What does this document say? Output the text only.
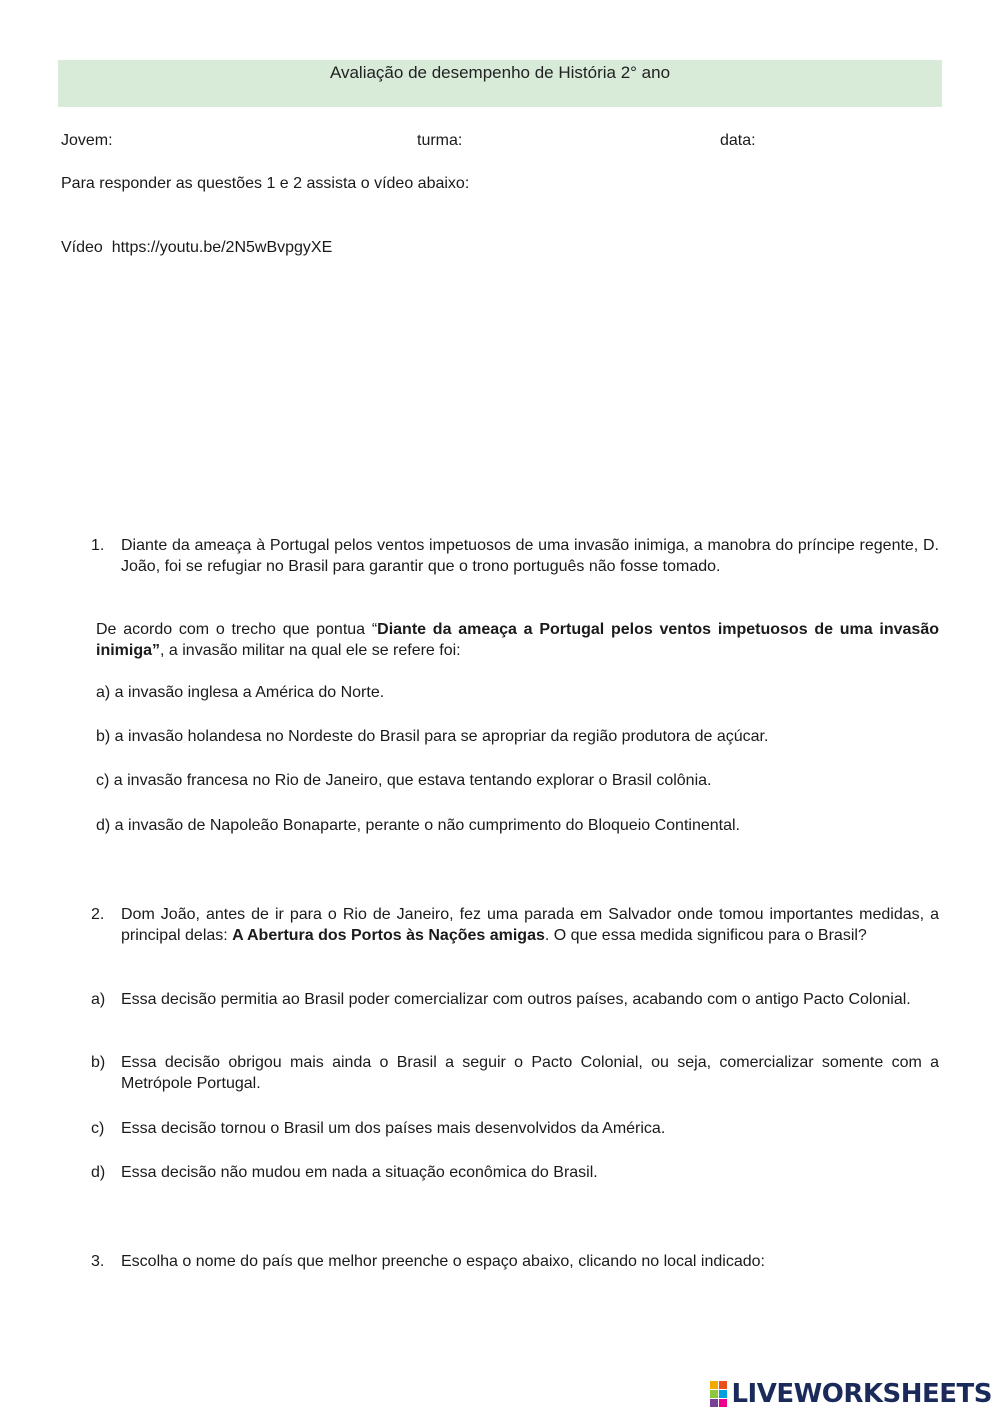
Avaliação de desempenho de História 2° ano
Jovem:	turma:	data:
Para responder as questões 1 e 2 assista o vídeo abaixo:
Vídeo https://youtu.be/2N5wBvpgyXE
1. Diante da ameaça à Portugal pelos ventos impetuosos de uma invasão inimiga, a manobra do príncipe regente, D. João, foi se refugiar no Brasil para garantir que o trono português não fosse tomado.
De acordo com o trecho que pontua “Diante da ameaça a Portugal pelos ventos impetuosos de uma invasão inimiga”, a invasão militar na qual ele se refere foi:
a) a invasão inglesa a América do Norte.
b) a invasão holandesa no Nordeste do Brasil para se apropriar da região produtora de açúcar.
c) a invasão francesa no Rio de Janeiro, que estava tentando explorar o Brasil colônia.
d) a invasão de Napoleão Bonaparte, perante o não cumprimento do Bloqueio Continental.
2. Dom João, antes de ir para o Rio de Janeiro, fez uma parada em Salvador onde tomou importantes medidas, a principal delas: A Abertura dos Portos às Nações amigas. O que essa medida significou para o Brasil?
a) Essa decisão permitia ao Brasil poder comercializar com outros países, acabando com o antigo Pacto Colonial.
b) Essa decisão obrigou mais ainda o Brasil a seguir o Pacto Colonial, ou seja, comercializar somente com a Metrópole Portugal.
c) Essa decisão tornou o Brasil um dos países mais desenvolvidos da América.
d) Essa decisão não mudou em nada a situação econômica do Brasil.
3. Escolha o nome do país que melhor preenche o espaço abaixo, clicando no local indicado:
LIVEWORKSHEETS
